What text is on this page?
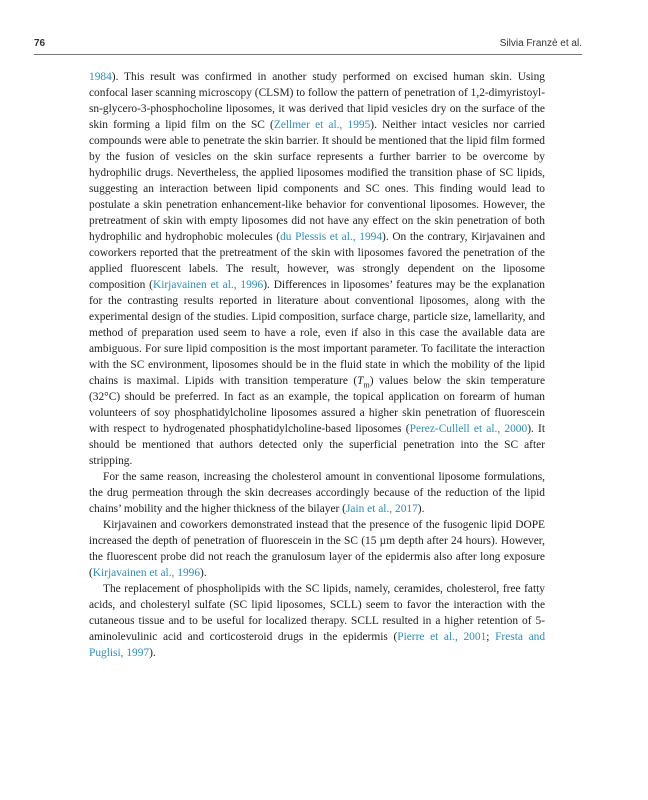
76	Silvia Franzè et al.

1984). This result was confirmed in another study performed on excised human skin. Using confocal laser scanning microscopy (CLSM) to follow the pattern of penetration of 1,2-dimyristoyl-sn-glycero-3-phosphocholine liposomes, it was derived that lipid vesicles dry on the surface of the skin forming a lipid film on the SC (Zellmer et al., 1995). Neither intact vesicles nor carried compounds were able to penetrate the skin barrier. It should be mentioned that the lipid film formed by the fusion of vesicles on the skin surface represents a further barrier to be overcome by hydrophilic drugs. Nevertheless, the applied liposomes modified the transition phase of SC lipids, suggesting an interaction between lipid components and SC ones. This finding would lead to postulate a skin penetration enhancement-like behavior for conventional liposomes. However, the pretreatment of skin with empty liposomes did not have any effect on the skin penetration of both hydrophilic and hydrophobic molecules (du Plessis et al., 1994). On the contrary, Kirjavainen and coworkers reported that the pretreatment of the skin with liposomes favored the penetration of the applied fluorescent labels. The result, however, was strongly dependent on the liposome composition (Kirjavainen et al., 1996). Differences in liposomes’ features may be the explanation for the contrasting results reported in literature about conventional liposomes, along with the experimental design of the studies. Lipid composition, surface charge, particle size, lamellarity, and method of preparation used seem to have a role, even if also in this case the available data are ambiguous. For sure lipid composition is the most important parameter. To facilitate the interaction with the SC environment, liposomes should be in the fluid state in which the mobility of the lipid chains is maximal. Lipids with transition temperature $(T_m)$ values below the skin temperature (32°C) should be preferred. In fact as an example, the topical application on forearm of human volunteers of soy phosphatidylcholine liposomes assured a higher skin penetration of fluorescein with respect to hydrogenated phosphatidylcholine-based liposomes (Perez-Cullell et al., 2000). It should be mentioned that authors detected only the superficial penetration into the SC after stripping.

For the same reason, increasing the cholesterol amount in conventional liposome formulations, the drug permeation through the skin decreases accordingly because of the reduction of the lipid chains’ mobility and the higher thickness of the bilayer (Jain et al., 2017).

Kirjavainen and coworkers demonstrated instead that the presence of the fusogenic lipid DOPE increased the depth of penetration of fluorescein in the SC (15 µm depth after 24 hours). However, the fluorescent probe did not reach the granulosum layer of the epidermis also after long exposure (Kirjavainen et al., 1996).

The replacement of phospholipids with the SC lipids, namely, ceramides, cholesterol, free fatty acids, and cholesteryl sulfate (SC lipid liposomes, SCLL) seem to favor the interaction with the cutaneous tissue and to be useful for localized therapy. SCLL resulted in a higher retention of 5-aminolevulinic acid and corticosteroid drugs in the epidermis (Pierre et al., 2001; Fresta and Puglisi, 1997).
